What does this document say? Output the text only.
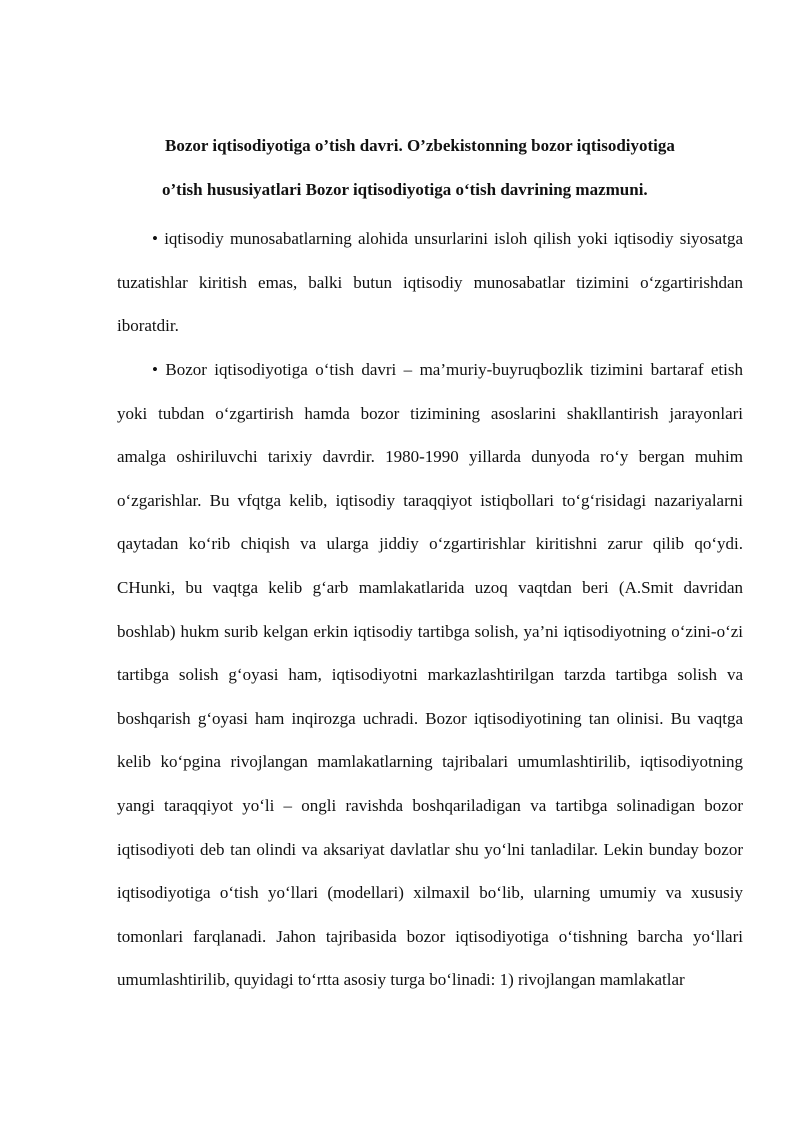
Bozor iqtisodiyotiga o’tish davri. O’zbekistonning bozor iqtisodiyotiga
o’tish hususiyatlari Bozor iqtisodiyotiga o‘tish davrining mazmuni.

• iqtisodiy munosabatlarning alohida unsurlarini isloh qilish yoki iqtisodiy siyosatga tuzatishlar kiritish emas, balki butun iqtisodiy munosabatlar tizimini o‘zgartirishdan iboratdir.

• Bozor iqtisodiyotiga o‘tish davri – ma’muriy-buyruqbozlik tizimini bartaraf etish yoki tubdan o‘zgartirish hamda bozor tizimining asoslarini shakllantirish jarayonlari amalga oshiriluvchi tarixiy davrdir. 1980-1990 yillarda dunyoda ro‘y bergan muhim o‘zgarishlar. Bu vfqtga kelib, iqtisodiy taraqqiyot istiqbollari to‘g‘risidagi nazariyalarni qaytadan ko‘rib chiqish va ularga jiddiy o‘zgartirishlar kiritishni zarur qilib qo‘ydi. CHunki, bu vaqtga kelib g‘arb mamlakatlarida uzoq vaqtdan beri (A.Smit davridan boshlab) hukm surib kelgan erkin iqtisodiy tartibga solish, ya’ni iqtisodiyotning o‘zini-o‘zi tartibga solish g‘oyasi ham, iqtisodiyotni markazlashtirilgan tarzda tartibga solish va boshqarish g‘oyasi ham inqirozga uchradi. Bozor iqtisodiyotining tan olinisi. Bu vaqtga kelib ko‘pgina rivojlangan mamlakatlarning tajribalari umumlashtirilib, iqtisodiyotning yangi taraqqiyot yo‘li – ongli ravishda boshqariladigan va tartibga solinadigan bozor iqtisodiyoti deb tan olindi va aksariyat davlatlar shu yo‘lni tanladilar. Lekin bunday bozor iqtisodiyotiga o‘tish yo‘llari (modellari) xilmaxil bo‘lib, ularning umumiy va xususiy tomonlari farqlanadi. Jahon tajribasida bozor iqtisodiyotiga o‘tishning barcha yo‘llari umumlashtirilib, quyidagi to‘rtta asosiy turga bo‘linadi: 1) rivojlangan mamlakatlar
